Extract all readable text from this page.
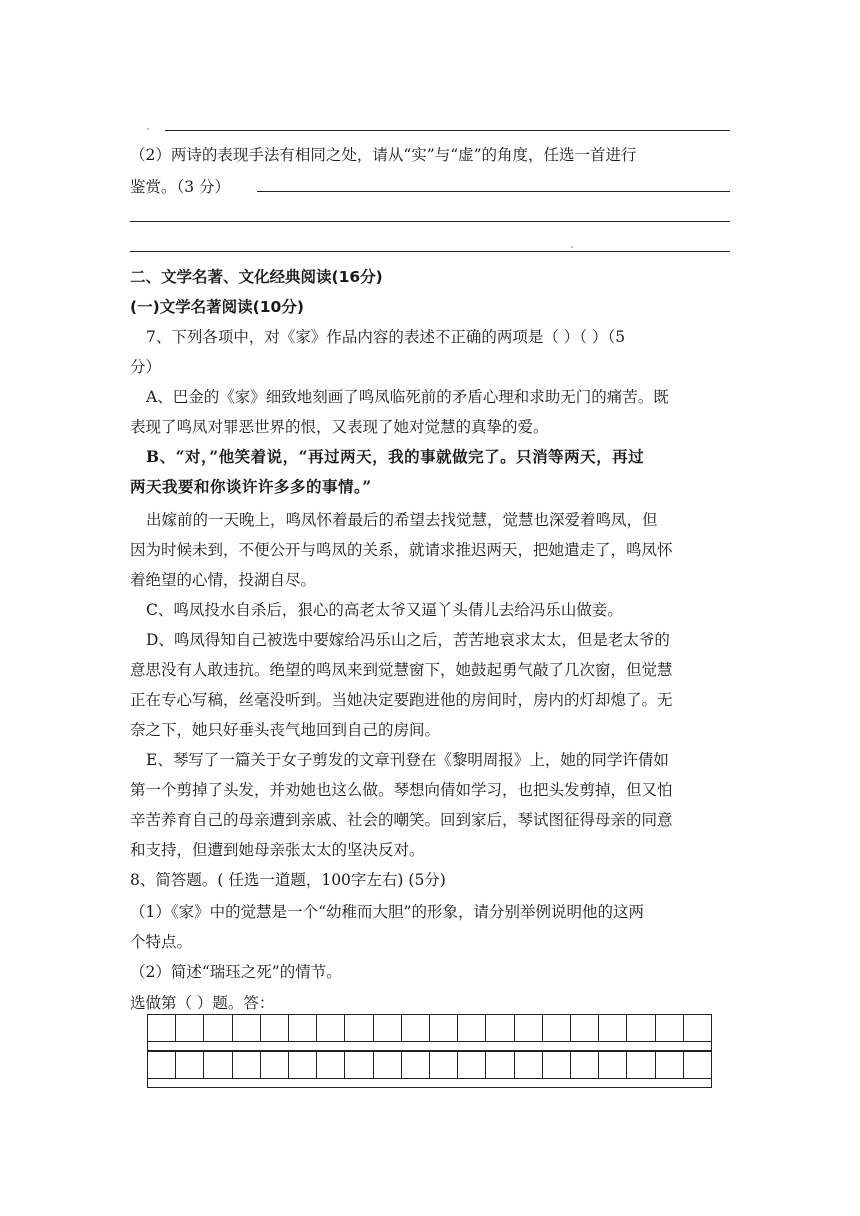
（2）两诗的表现手法有相同之处，请从“实”与“虚”的角度，任选一首进行
鉴赏。（3 分）
二、文学名著、文化经典阅读(16分)
(一)文学名著阅读(10分)
7、下列各项中，对《家》作品内容的表述不正确的两项是（ ）（ ）（5
分）
A、巴金的《家》细致地刻画了鸣凤临死前的矛盾心理和求助无门的痛苦。既
表现了鸣凤对罪恶世界的恨，又表现了她对觉慧的真挚的爱。
B、“对，”他笑着说，“再过两天，我的事就做完了。只消等两天，再过
两天我要和你谈许许多多的事情。”
出嫁前的一天晚上，鸣凤怀着最后的希望去找觉慧，觉慧也深爱着鸣凤，但
因为时候未到，不便公开与鸣凤的关系，就请求推迟两天，把她遣走了，鸣凤怀
着绝望的心情，投湖自尽。
C、鸣凤投水自杀后，狠心的高老太爷又逼丫头倩儿去给冯乐山做妾。
D、鸣凤得知自己被选中要嫁给冯乐山之后，苦苦地哀求太太，但是老太爷的
意思没有人敢违抗。绝望的鸣凤来到觉慧窗下，她鼓起勇气敲了几次窗，但觉慧
正在专心写稿，丝毫没听到。当她决定要跑进他的房间时，房内的灯却熄了。无
奈之下，她只好垂头丧气地回到自己的房间。
E、琴写了一篇关于女子剪发的文章刊登在《黎明周报》上，她的同学许倩如
第一个剪掉了头发，并劝她也这么做。琴想向倩如学习，也把头发剪掉，但又怕
辛苦养育自己的母亲遭到亲戚、社会的嘲笑。回到家后，琴试图征得母亲的同意
和支持，但遭到她母亲张太太的坚决反对。
8、简答题。( 任选一道题，100字左右) (5分)
（1）《家》中的觉慧是一个“幼稚而大胆”的形象，请分别举例说明他的这两
个特点。
（2）简述“瑞珏之死”的情节。
选做第（ ）题。答：
